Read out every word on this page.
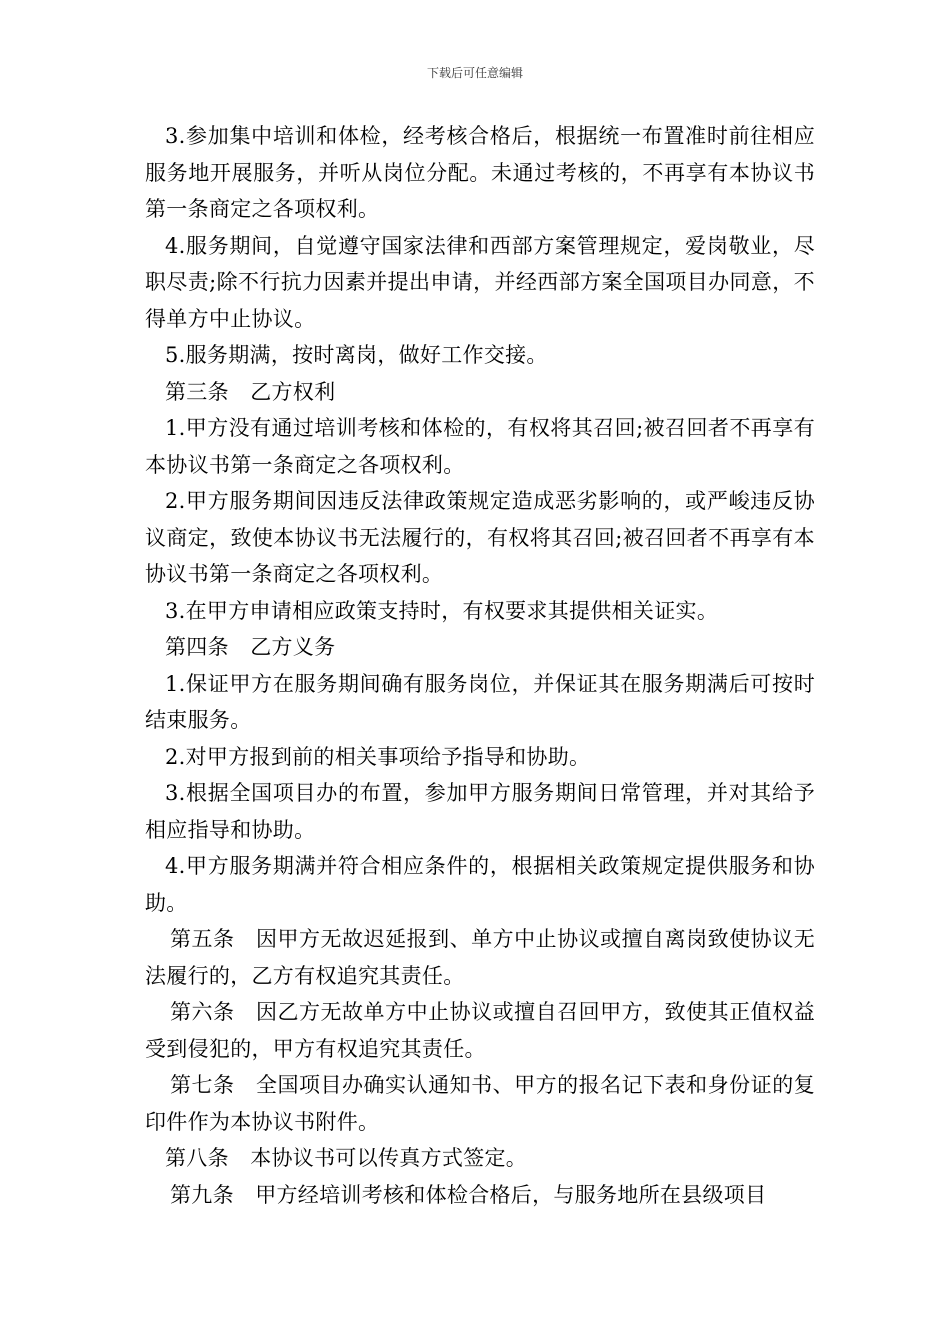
下载后可任意编辑

3.参加集中培训和体检，经考核合格后，根据统一布置准时前往相应服务地开展服务，并听从岗位分配。未通过考核的，不再享有本协议书第一条商定之各项权利。

4.服务期间，自觉遵守国家法律和西部方案管理规定，爱岗敬业，尽职尽责;除不行抗力因素并提出申请，并经西部方案全国项目办同意，不得单方中止协议。

5.服务期满，按时离岗，做好工作交接。

第三条　乙方权利

1.甲方没有通过培训考核和体检的，有权将其召回;被召回者不再享有本协议书第一条商定之各项权利。

2.甲方服务期间因违反法律政策规定造成恶劣影响的，或严峻违反协议商定，致使本协议书无法履行的，有权将其召回;被召回者不再享有本协议书第一条商定之各项权利。

3.在甲方申请相应政策支持时，有权要求其提供相关证实。

第四条　乙方义务

1.保证甲方在服务期间确有服务岗位，并保证其在服务期满后可按时结束服务。

2.对甲方报到前的相关事项给予指导和协助。

3.根据全国项目办的布置，参加甲方服务期间日常管理，并对其给予相应指导和协助。

4.甲方服务期满并符合相应条件的，根据相关政策规定提供服务和协助。

第五条　因甲方无故迟延报到、单方中止协议或擅自离岗致使协议无法履行的，乙方有权追究其责任。

第六条　因乙方无故单方中止协议或擅自召回甲方，致使其正值权益受到侵犯的，甲方有权追究其责任。

第七条　全国项目办确实认通知书、甲方的报名记下表和身份证的复印件作为本协议书附件。

第八条　本协议书可以传真方式签定。

第九条　甲方经培训考核和体检合格后，与服务地所在县级项目
